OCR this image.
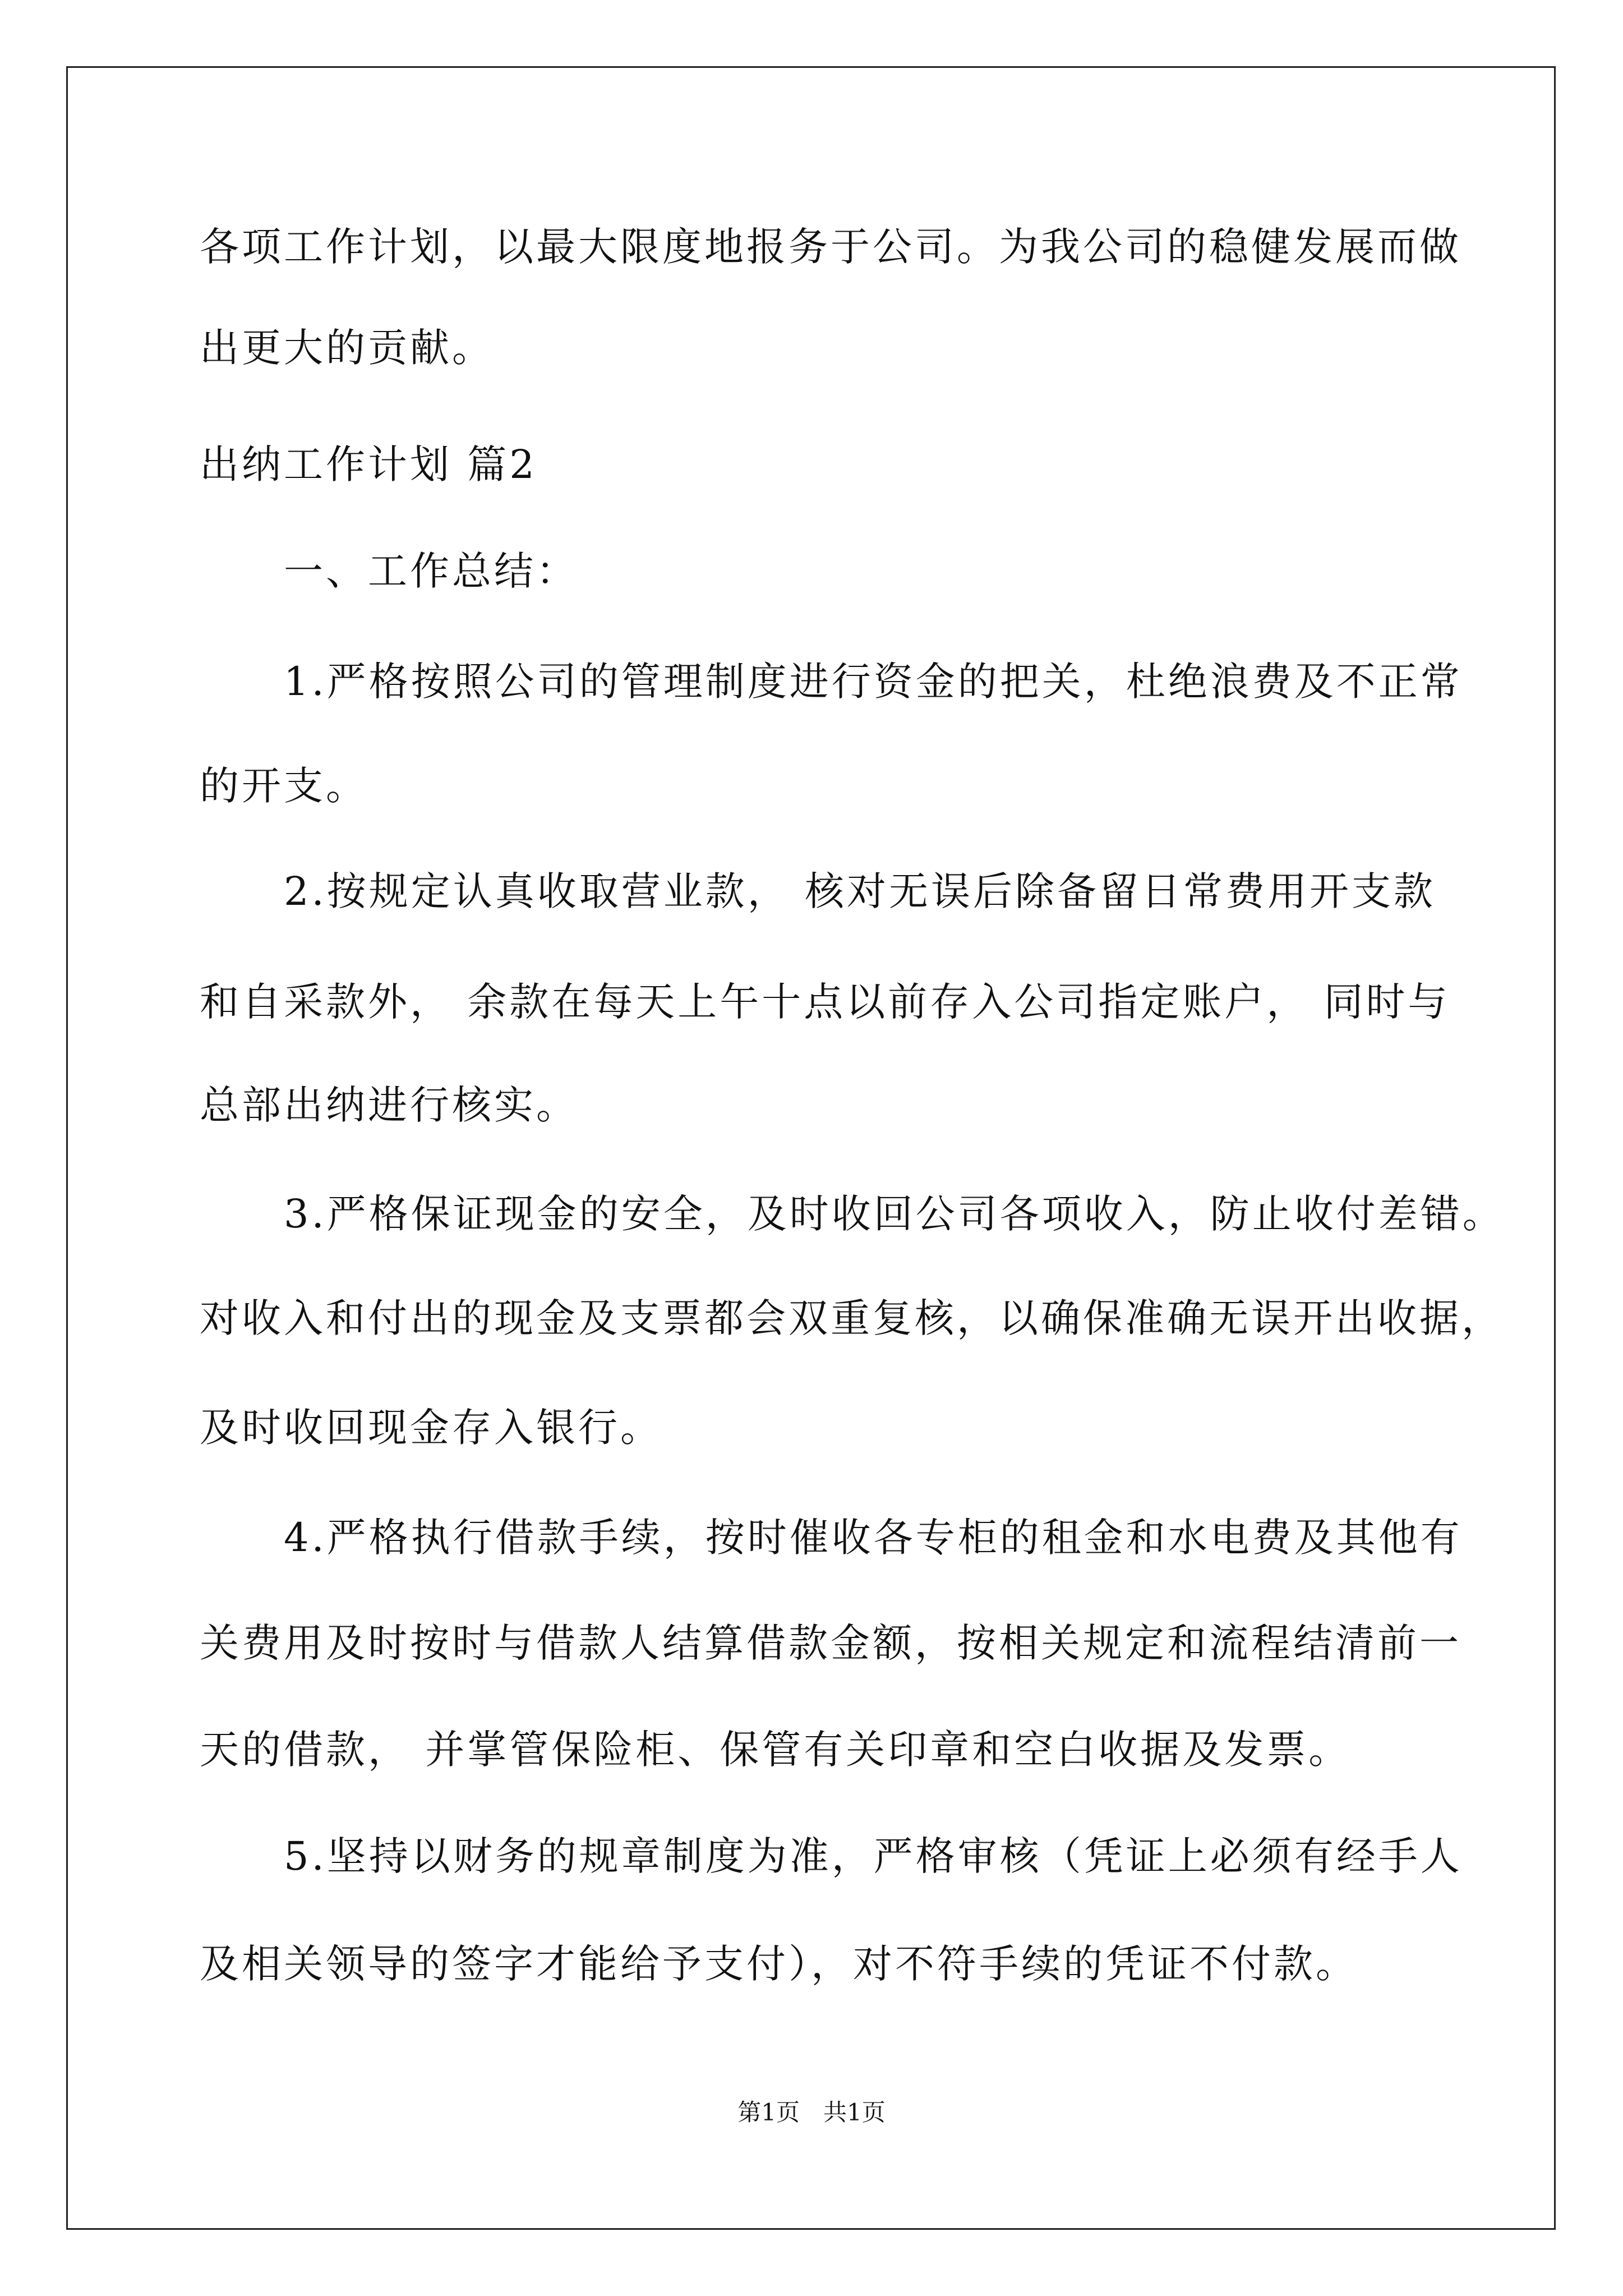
各项工作计划，以最大限度地报务于公司。为我公司的稳健发展而做
出更大的贡献。
出纳工作计划 篇2
　　一、工作总结：
　　1.严格按照公司的管理制度进行资金的把关，杜绝浪费及不正常
的开支。
　　2.按规定认真收取营业款， 核对无误后除备留日常费用开支款
和自采款外， 余款在每天上午十点以前存入公司指定账户， 同时与
总部出纳进行核实。
　　3.严格保证现金的安全，及时收回公司各项收入，防止收付差错。
对收入和付出的现金及支票都会双重复核，以确保准确无误开出收据，
及时收回现金存入银行。
　　4.严格执行借款手续，按时催收各专柜的租金和水电费及其他有
关费用及时按时与借款人结算借款金额，按相关规定和流程结清前一
天的借款， 并掌管保险柜、保管有关印章和空白收据及发票。
　　5.坚持以财务的规章制度为准，严格审核（凭证上必须有经手人
及相关领导的签字才能给予支付），对不符手续的凭证不付款。
第1页　共1页
